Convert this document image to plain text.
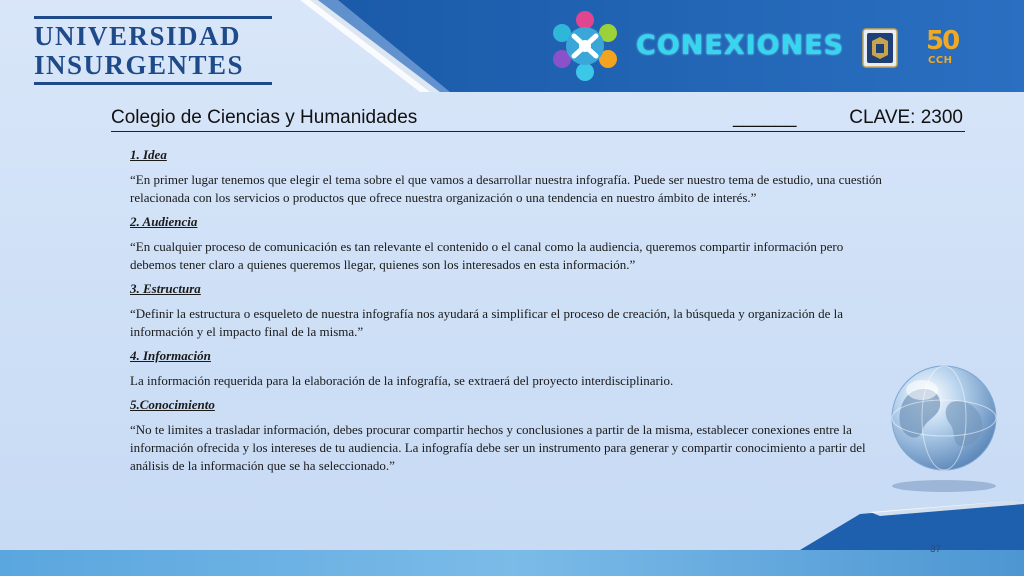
UNIVERSIDAD
INSURGENTES
CONEXIONES	50
CCH
Colegio de Ciencias y Humanidades	______	CLAVE: 2300
1. Idea
“En primer lugar tenemos que elegir el tema sobre el que vamos a desarrollar nuestra infografía. Puede ser nuestro tema de estudio, una cuestión relacionada con los servicios o productos que ofrece nuestra organización o una tendencia en nuestro ámbito de interés.”
2. Audiencia
“En cualquier proceso de comunicación es tan relevante el contenido o el canal como la audiencia, queremos compartir información pero debemos tener claro a quienes queremos llegar, quienes son los interesados en esta información.”
3. Estructura
“Definir la estructura o esqueleto de nuestra infografía nos ayudará a simplificar el proceso de creación, la búsqueda y organización de la información y el impacto final de la misma.”
4. Información
La información requerida para la elaboración de la infografía, se extraerá del proyecto interdisciplinario.
5.Conocimiento
“No te limites a trasladar información, debes procurar compartir hechos y conclusiones a partir de la misma, establecer conexiones entre la información ofrecida y los intereses de tu audiencia. La infografía debe ser un instrumento para generar y compartir conocimiento a partir del análisis de la información que se ha seleccionado.”
37
